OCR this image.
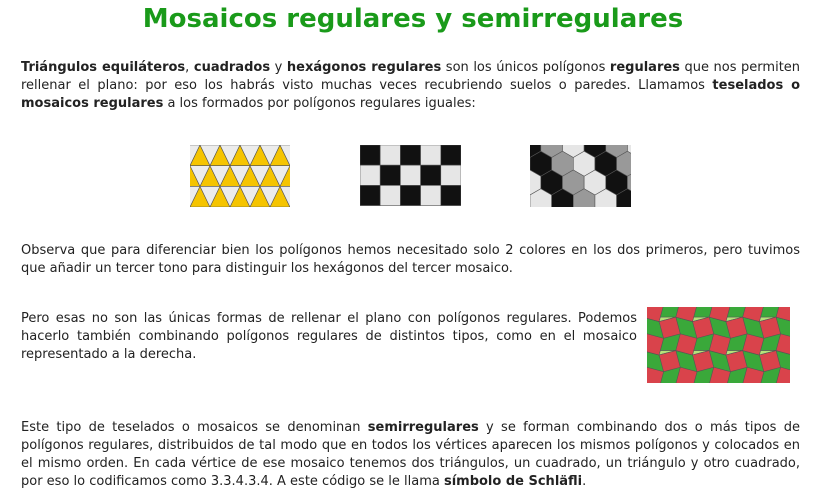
Mosaicos regulares y semirregulares

Triángulos equiláteros, cuadrados y hexágonos regulares son los únicos polígonos regulares que nos permiten rellenar el plano: por eso los habrás visto muchas veces recubriendo suelos o paredes. Llamamos teselados o mosaicos regulares a los formados por polígonos regulares iguales:

Observa que para diferenciar bien los polígonos hemos necesitado solo 2 colores en los dos primeros, pero tuvimos que añadir un tercer tono para distinguir los hexágonos del tercer mosaico.

Pero esas no son las únicas formas de rellenar el plano con polígonos regulares. Podemos hacerlo también combinando polígonos regulares de distintos tipos, como en el mosaico representado a la derecha.

Este tipo de teselados o mosaicos se denominan semirregulares y se forman combinando dos o más tipos de polígonos regulares, distribuidos de tal modo que en todos los vértices aparecen los mismos polígonos y colocados en el mismo orden. En cada vértice de ese mosaico tenemos dos triángulos, un cuadrado, un triángulo y otro cuadrado, por eso lo codificamos como 3.3.4.3.4. A este código se le llama símbolo de Schläfli.
